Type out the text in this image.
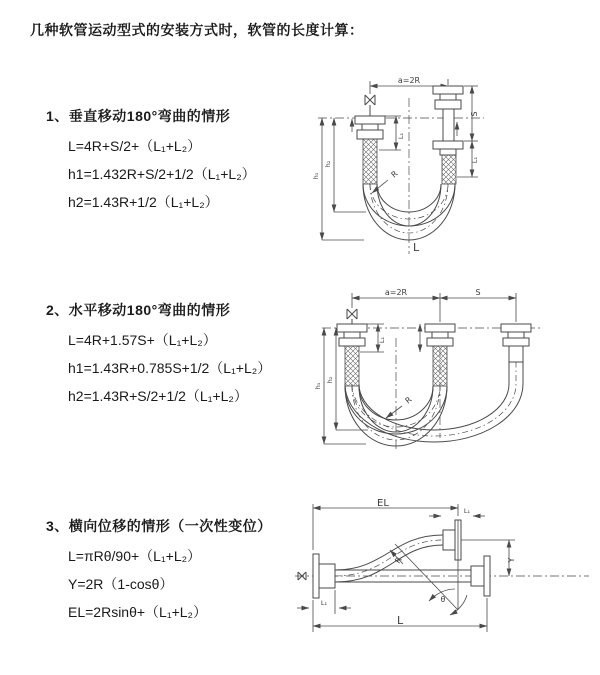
几种软管运动型式的安装方式时，软管的长度计算：
1、垂直移动180°弯曲的情形
L=4R+S/2+（L₁+L₂）
h1=1.432R+S/2+1/2（L₁+L₂）
h2=1.43R+1/2（L₁+L₂）
2、水平移动180°弯曲的情形
L=4R+1.57S+（L₁+L₂）
h1=1.43R+0.785S+1/2（L₁+L₂）
h2=1.43R+S/2+1/2（L₁+L₂）
3、横向位移的情形（一次性变位）
L=πRθ/90+（L₁+L₂）
Y=2R（1-cosθ）
EL=2Rsinθ+（L₁+L₂）
a=2R
L₁
S
L₁
h₁
h₂
R
L
a=2R	S
L₁
h₁
h₂
R
EL
L₁
Y
L
L₁
R
θ
